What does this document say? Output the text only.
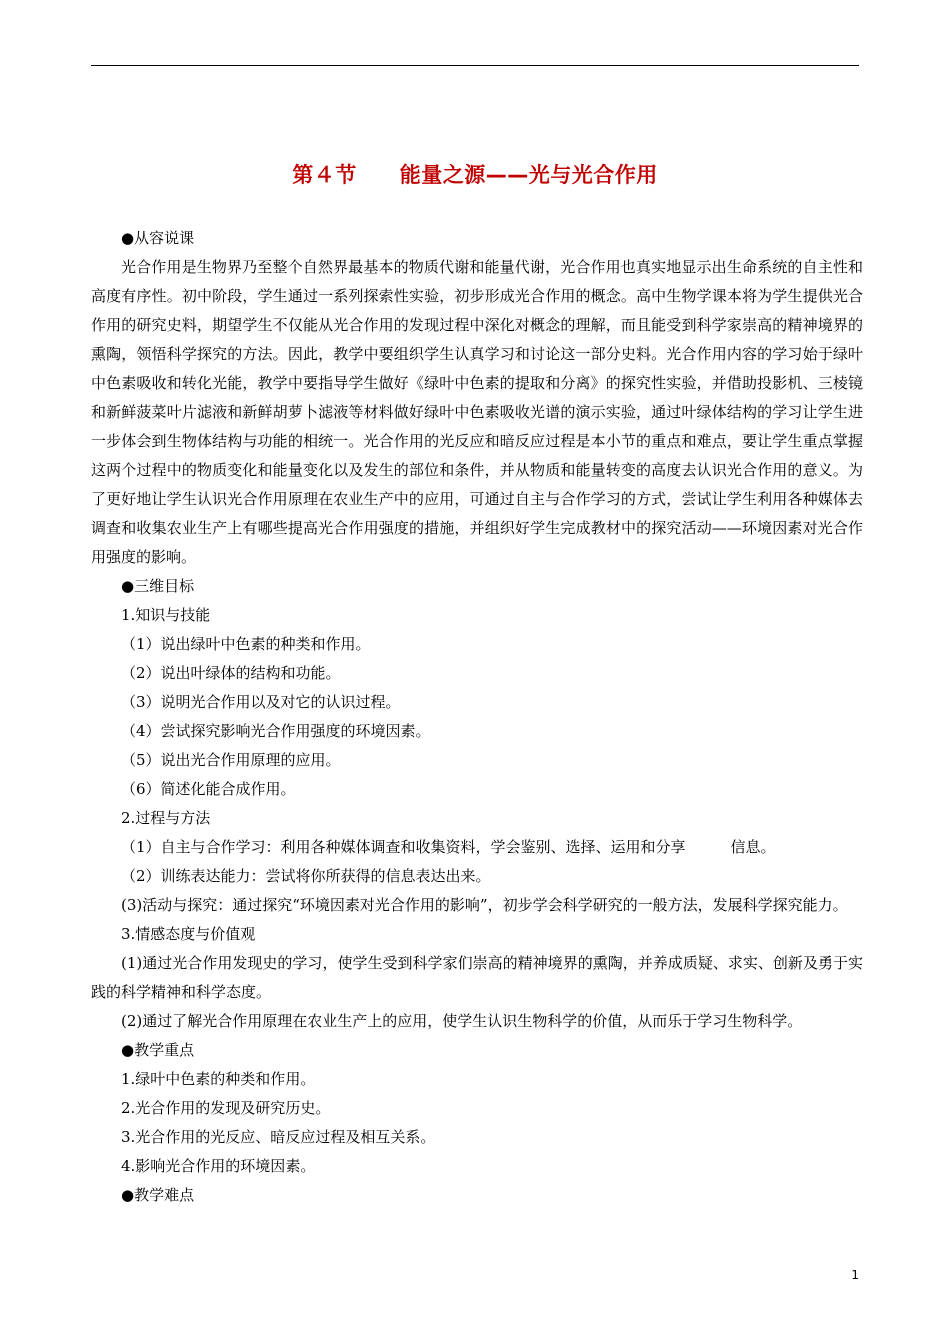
第４节　　能量之源——光与光合作用

●从容说课

光合作用是生物界乃至整个自然界最基本的物质代谢和能量代谢，光合作用也真实地显示出生命系统的自主性和高度有序性。初中阶段，学生通过一系列探索性实验，初步形成光合作用的概念。高中生物学课本将为学生提供光合作用的研究史料，期望学生不仅能从光合作用的发现过程中深化对概念的理解，而且能受到科学家崇高的精神境界的熏陶，领悟科学探究的方法。因此，教学中要组织学生认真学习和讨论这一部分史料。光合作用内容的学习始于绿叶中色素吸收和转化光能，教学中要指导学生做好《绿叶中色素的提取和分离》的探究性实验，并借助投影机、三棱镜和新鲜菠菜叶片滤液和新鲜胡萝卜滤液等材料做好绿叶中色素吸收光谱的演示实验，通过叶绿体结构的学习让学生进一步体会到生物体结构与功能的相统一。光合作用的光反应和暗反应过程是本小节的重点和难点，要让学生重点掌握这两个过程中的物质变化和能量变化以及发生的部位和条件，并从物质和能量转变的高度去认识光合作用的意义。为了更好地让学生认识光合作用原理在农业生产中的应用，可通过自主与合作学习的方式，尝试让学生利用各种媒体去调查和收集农业生产上有哪些提高光合作用强度的措施，并组织好学生完成教材中的探究活动——环境因素对光合作用强度的影响。

●三维目标

1.知识与技能

（1）说出绿叶中色素的种类和作用。

（2）说出叶绿体的结构和功能。

（3）说明光合作用以及对它的认识过程。

（4）尝试探究影响光合作用强度的环境因素。

（5）说出光合作用原理的应用。

（6）简述化能合成作用。

2.过程与方法

（1）自主与合作学习：利用各种媒体调查和收集资料，学会鉴别、选择、运用和分享　　　信息。

（2）训练表达能力：尝试将你所获得的信息表达出来。

(3)活动与探究：通过探究“环境因素对光合作用的影响”，初步学会科学研究的一般方法，发展科学探究能力。

3.情感态度与价值观

(1)通过光合作用发现史的学习，使学生受到科学家们崇高的精神境界的熏陶，并养成质疑、求实、创新及勇于实践的科学精神和科学态度。

(2)通过了解光合作用原理在农业生产上的应用，使学生认识生物科学的价值，从而乐于学习生物科学。

●教学重点

1.绿叶中色素的种类和作用。

2.光合作用的发现及研究历史。

3.光合作用的光反应、暗反应过程及相互关系。

4.影响光合作用的环境因素。

●教学难点

1
